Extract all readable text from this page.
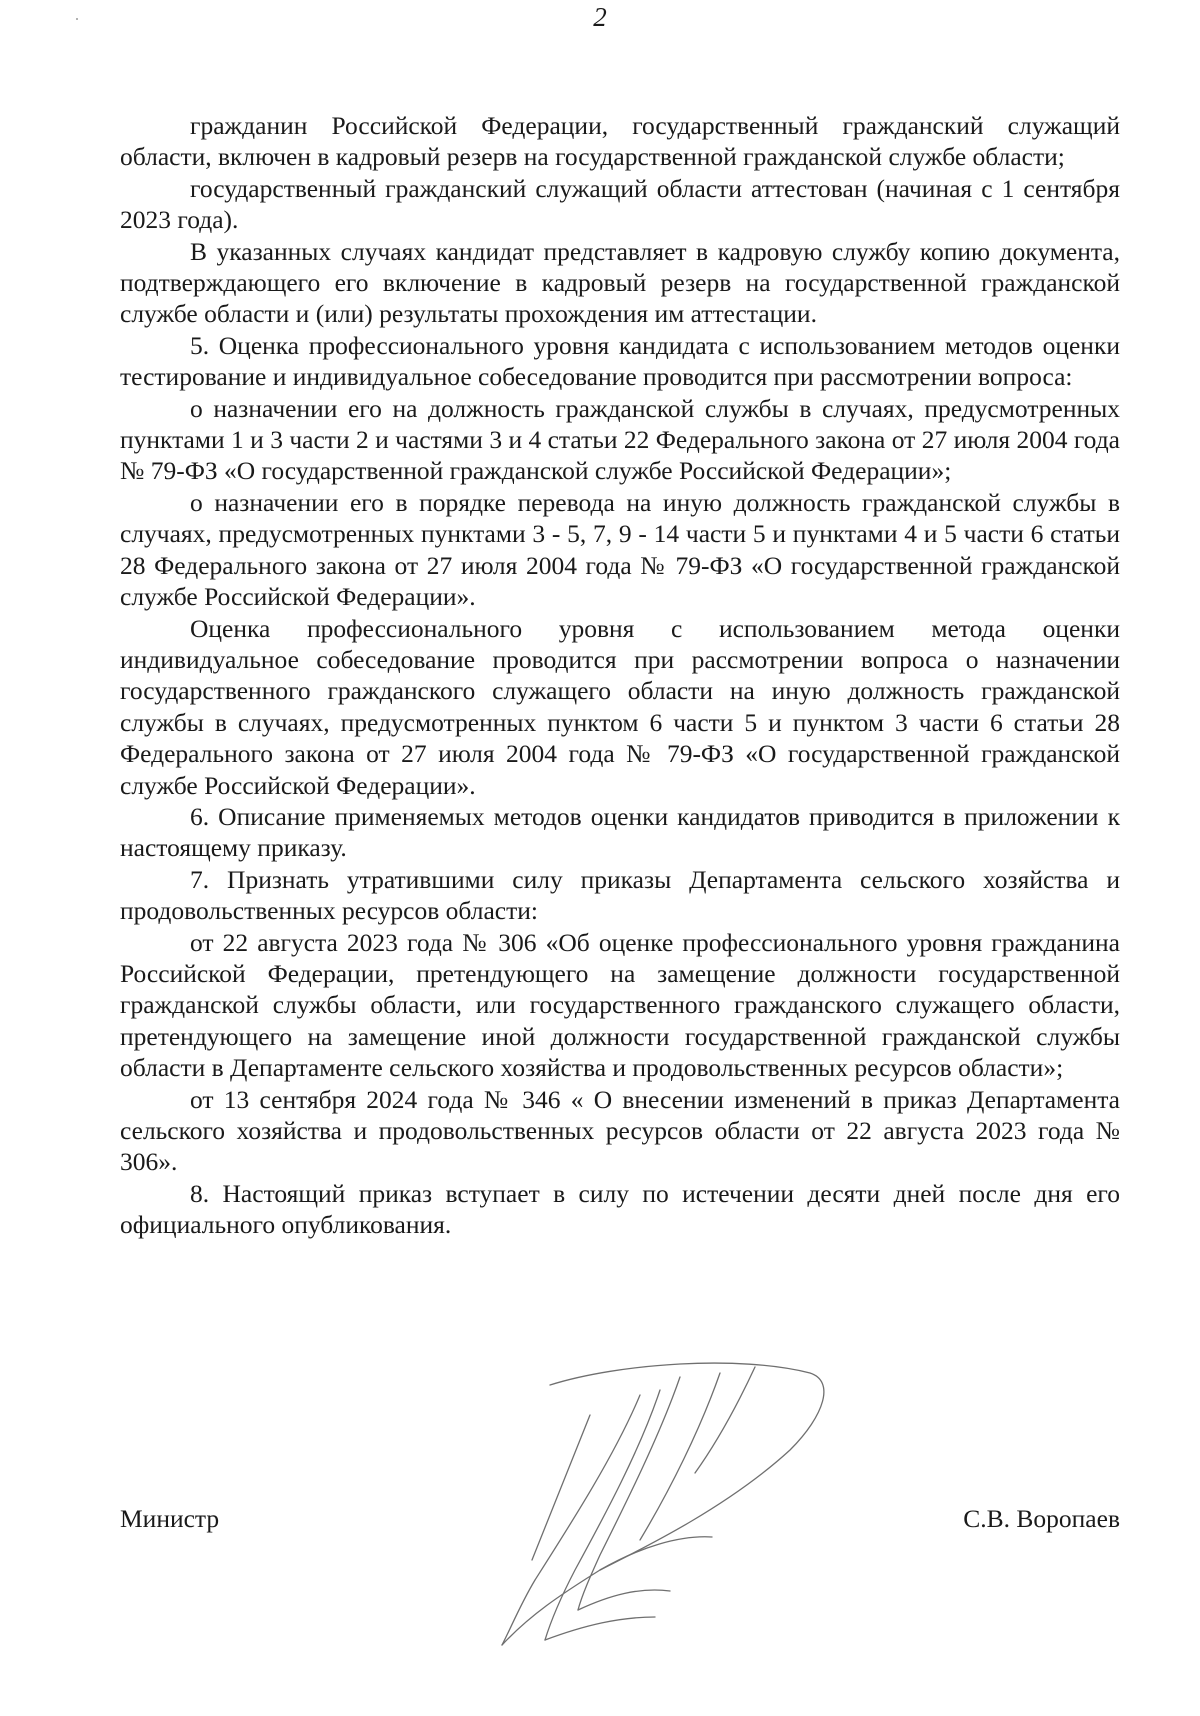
2

гражданин Российской Федерации, государственный гражданский служащий области, включен в кадровый резерв на государственной гражданской службе области;

государственный гражданский служащий области аттестован (начиная с 1 сентября 2023 года).

В указанных случаях кандидат представляет в кадровую службу копию документа, подтверждающего его включение в кадровый резерв на государственной гражданской службе области и (или) результаты прохождения им аттестации.

5. Оценка профессионального уровня кандидата с использованием методов оценки тестирование и индивидуальное собеседование проводится при рассмотрении вопроса:

о назначении его на должность гражданской службы в случаях, предусмотренных пунктами 1 и 3 части 2 и частями 3 и 4 статьи 22 Федерального закона от 27 июля 2004 года № 79-ФЗ «О государственной гражданской службе Российской Федерации»;

о назначении его в порядке перевода на иную должность гражданской службы в случаях, предусмотренных пунктами 3 - 5, 7, 9 - 14 части 5 и пунктами 4 и 5 части 6 статьи 28 Федерального закона от 27 июля 2004 года № 79-ФЗ «О государственной гражданской службе Российской Федерации».

Оценка профессионального уровня с использованием метода оценки индивидуальное собеседование проводится при рассмотрении вопроса о назначении государственного гражданского служащего области на иную должность гражданской службы в случаях, предусмотренных пунктом 6 части 5 и пунктом 3 части 6 статьи 28 Федерального закона от 27 июля 2004 года № 79-ФЗ «О государственной гражданской службе Российской Федерации».

6. Описание применяемых методов оценки кандидатов приводится в приложении к настоящему приказу.

7. Признать утратившими силу приказы Департамента сельского хозяйства и продовольственных ресурсов области:

от 22 августа 2023 года № 306 «Об оценке профессионального уровня гражданина Российской Федерации, претендующего на замещение должности государственной гражданской службы области, или государственного гражданского служащего области, претендующего на замещение иной должности государственной гражданской службы области в Департаменте сельского хозяйства и продовольственных ресурсов области»;

от 13 сентября 2024 года № 346 « О внесении изменений в приказ Департамента сельского хозяйства и продовольственных ресурсов области от 22 августа 2023 года № 306».

8. Настоящий приказ вступает в силу по истечении десяти дней после дня его официального опубликования.

Министр	С.В. Воропаев
